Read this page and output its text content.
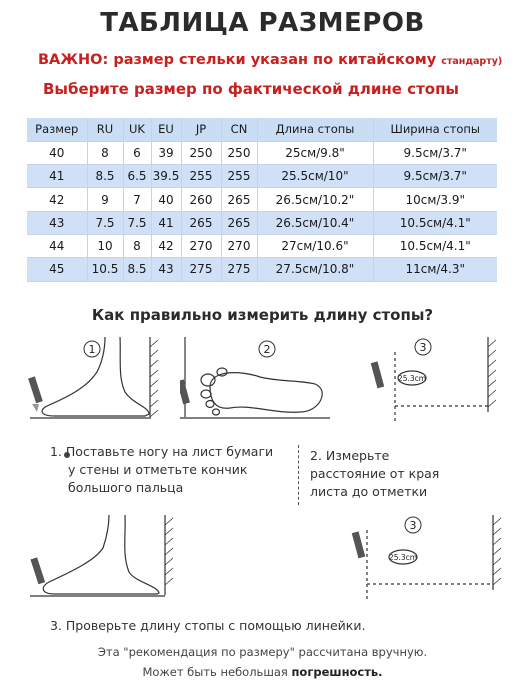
ТАБЛИЦА РАЗМЕРОВ
ВАЖНО: размер стельки указан по китайскому стандарту)
Выберите размер по фактической длине стопы
Размер	RU	UK	EU	JP	CN	Длина стопы	Ширина стопы
40	8	6	39	250	250	25см/9.8"	9.5см/3.7"
41	8.5	6.5	39.5	255	255	25.5см/10"	9.5см/3.7"
42	9	7	40	260	265	26.5см/10.2"	10см/3.9"
43	7.5	7.5	41	265	265	26.5см/10.4"	10.5см/4.1"
44	10	8	42	270	270	27см/10.6"	10.5см/4.1"
45	10.5	8.5	43	275	275	27.5см/10.8"	11см/4.3"
Как правильно измерить длину стопы?
1	2
25.3cm
3
1. Поставьте ногу на лист бумаги
у стены и отметьте кончик
большого пальца
2. Измерьте
расстояние от края
листа до отметки
25.3cm
3
3. Проверьте длину стопы с помощью линейки.
Эта "рекомендация по размеру" рассчитана вручную.
Может быть небольшая погрешность.
